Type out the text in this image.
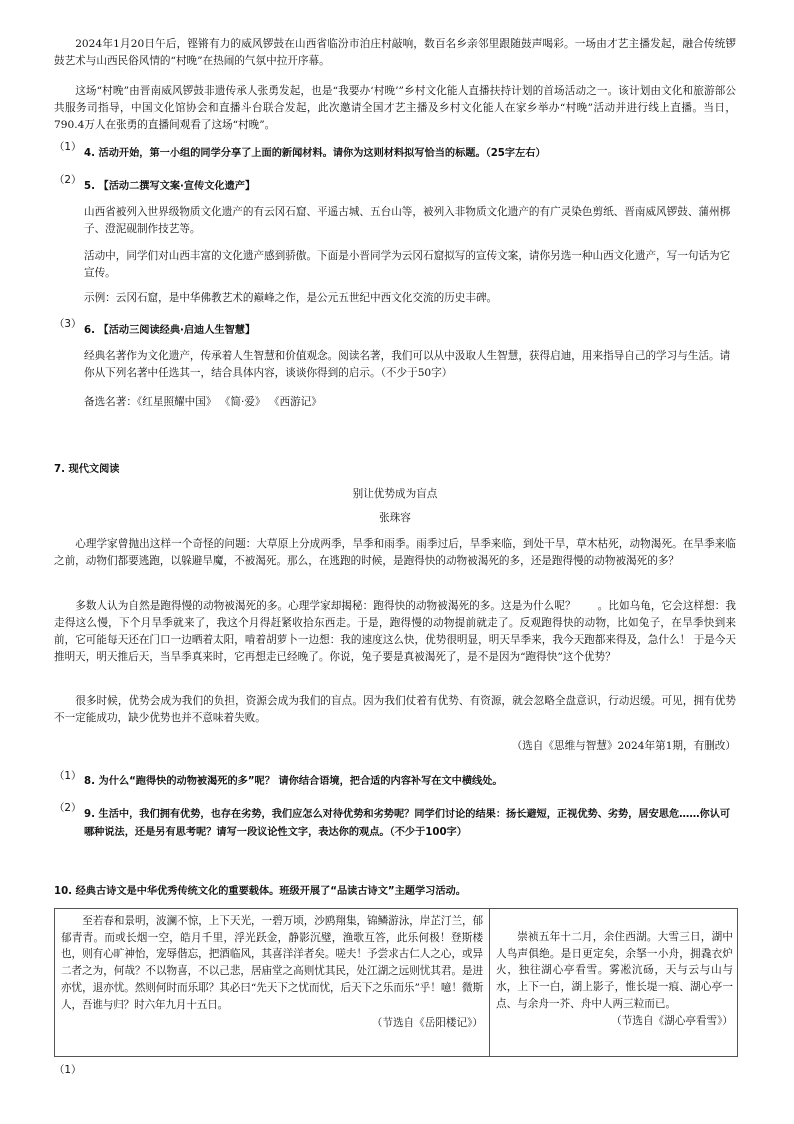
2024年1月20日午后，铿锵有力的威风锣鼓在山西省临汾市泊庄村敲响，数百名乡亲邻里跟随鼓声喝彩。一场由才艺主播发起，融合传统锣鼓艺术与山西民俗风情的“村晚”在热闹的气氛中拉开序幕。

这场“村晚”由晋南威风锣鼓非遗传承人张勇发起，也是“我要办‘村晚’”乡村文化能人直播扶持计划的首场活动之一。该计划由文化和旅游部公共服务司指导，中国文化馆协会和直播斗台联合发起，此次邀请全国才艺主播及乡村文化能人在家乡举办“村晚”活动并进行线上直播。当日，790.4万人在张勇的直播间观看了这场“村晚”。

（1）

4. 活动开始，第一小组的同学分享了上面的新闻材料。请你为这则材料拟写恰当的标题。（25字左右）

（2）

5. 【活动二撰写文案·宣传文化遗产】

山西省被列入世界级物质文化遗产的有云冈石窟、平遥古城、五台山等，被列入非物质文化遗产的有广灵染色剪纸、晋南威风锣鼓、蒲州梆子、澄泥砚制作技艺等。

活动中，同学们对山西丰富的文化遗产感到骄傲。下面是小晋同学为云冈石窟拟写的宣传文案，请你另选一种山西文化遗产，写一句话为它宣传。

示例：云冈石窟，是中华佛教艺术的巅峰之作，是公元五世纪中西文化交流的历史丰碑。

（3）

6. 【活动三阅读经典·启迪人生智慧】

经典名著作为文化遗产，传承着人生智慧和价值观念。阅读名著，我们可以从中汲取人生智慧，获得启迪，用来指导自己的学习与生活。请你从下列名著中任选其一，结合具体内容，谈谈你得到的启示。（不少于50字）

备选名著：《红星照耀中国》 《简·爱》 《西游记》

7. 现代文阅读

别让优势成为盲点

张珠容

心理学家曾抛出这样一个奇怪的问题：大草原上分成两季，旱季和雨季。雨季过后，旱季来临，到处干旱，草木枯死，动物渴死。在旱季来临之前，动物们都要逃跑，以躲避旱魔，不被渴死。那么，在逃跑的时候，是跑得快的动物被渴死的多，还是跑得慢的动物被渴死的多？

多数人认为自然是跑得慢的动物被渴死的多。心理学家却揭秘：跑得快的动物被渴死的多。这是为什么呢？ 。比如乌龟，它会这样想：我走得这么慢，下个月旱季就来了，我这个月得赶紧收拾东西走。于是，跑得慢的动物提前就走了。反观跑得快的动物，比如兔子，在旱季快到来前，它可能每天还在门口一边晒着太阳，啃着胡萝卜一边想：我的速度这么快，优势很明显，明天旱季来，我今天跑都来得及，急什么！ 于是今天推明天，明天推后天，当旱季真来时，它再想走已经晚了。你说，兔子要是真被渴死了，是不是因为“跑得快”这个优势？

很多时候，优势会成为我们的负担，资源会成为我们的盲点。因为我们仗着有优势、有资源，就会忽略全盘意识，行动迟缓。可见，拥有优势不一定能成功，缺少优势也并不意味着失败。

（选自《思维与智慧》2024年第1期，有删改）

（1） 8. 为什么“跑得快的动物被渴死的多”呢？ 请你结合语境，把合适的内容补写在文中横线处。

（2）

9. 生活中，我们拥有优势，也存在劣势，我们应怎么对待优势和劣势呢？同学们讨论的结果：扬长避短，正视优势、劣势，居安思危……你认可哪种说法，还是另有思考呢？请写一段议论性文字，表达你的观点。（不少于100字）

10. 经典古诗文是中华优秀传统文化的重要载体。班级开展了“品读古诗文”主题学习活动。

至若春和景明，波澜不惊，上下天光，一碧万顷，沙鸥翔集，锦鳞游泳，岸芷汀兰，郁郁青青。而或长烟一空，皓月千里，浮光跃金，静影沉璧，渔歌互答，此乐何极！登斯楼也，则有心旷神怡，宠辱偕忘，把酒临风，其喜洋洋者矣。嗟夫！予尝求古仁人之心，或异二者之为，何哉？不以物喜，不以己悲，居庙堂之高则忧其民，处江湖之远则忧其君。是进亦忧，退亦忧。然则何时而乐耶？其必曰“先天下之忧而忧，后天下之乐而乐”乎！噫！微斯人，吾谁与归？时六年九月十五日。

（节选自《岳阳楼记》）

崇祯五年十二月，余住西湖。大雪三日，湖中人鸟声俱绝。是日更定矣，余拏一小舟，拥毳衣炉火，独往湖心亭看雪。雾凇沆砀，天与云与山与水，上下一白，湖上影子，惟长堤一痕、湖心亭一点、与余舟一芥、舟中人两三粒而已。

（节选自《湖心亭看雪》）

（1）
